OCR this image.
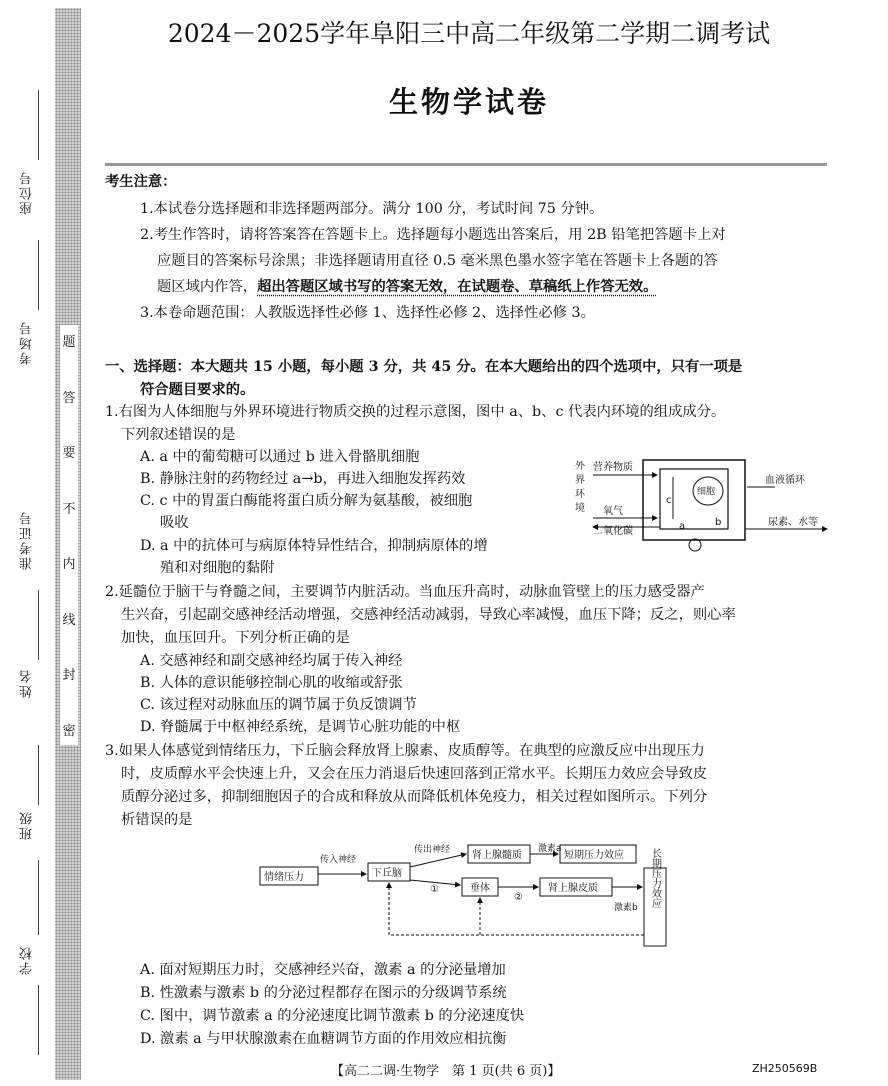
座位号
考场号
准考证号
姓名
班级
学校
题
答
要
不
内
线
封
密
2024－2025学年阜阳三中高二年级第二学期二调考试
生物学试卷
考生注意：
1.本试卷分选择题和非选择题两部分。满分 100 分，考试时间 75 分钟。
2.考生作答时，请将答案答在答题卡上。选择题每小题选出答案后，用 2B 铅笔把答题卡上对
应题目的答案标号涂黑；非选择题请用直径 0.5 毫米黑色墨水签字笔在答题卡上各题的答
题区域内作答，超出答题区域书写的答案无效，在试题卷、草稿纸上作答无效。
3.本卷命题范围：人教版选择性必修 1、选择性必修 2、选择性必修 3。
一、选择题：本大题共 15 小题，每小题 3 分，共 45 分。在本大题给出的四个选项中，只有一项是
符合题目要求的。
1.右图为人体细胞与外界环境进行物质交换的过程示意图，图中 a、b、c 代表内环境的组成成分。
下列叙述错误的是
A. a 中的葡萄糖可以通过 b 进入骨骼肌细胞
B. 静脉注射的药物经过 a→b，再进入细胞发挥药效
C. c 中的胃蛋白酶能将蛋白质分解为氨基酸，被细胞
吸收
D. a 中的抗体可与病原体特异性结合，抑制病原体的增
殖和对细胞的黏附
2.延髓位于脑干与脊髓之间，主要调节内脏活动。当血压升高时，动脉血管壁上的压力感受器产
生兴奋，引起副交感神经活动增强，交感神经活动减弱，导致心率减慢，血压下降；反之，则心率
加快，血压回升。下列分析正确的是
A. 交感神经和副交感神经均属于传入神经
B. 人体的意识能够控制心肌的收缩或舒张
C. 该过程对动脉血压的调节属于负反馈调节
D. 脊髓属于中枢神经系统，是调节心脏功能的中枢
3.如果人体感觉到情绪压力，下丘脑会释放肾上腺素、皮质醇等。在典型的应激反应中出现压力
时，皮质醇水平会快速上升，又会在压力消退后快速回落到正常水平。长期压力效应会导致皮
质醇分泌过多，抑制细胞因子的合成和释放从而降低机体免疫力，相关过程如图所示。下列分
析错误的是
A. 面对短期压力时，交感神经兴奋，激素 a 的分泌量增加
B. 性激素与激素 b 的分泌过程都存在图示的分级调节系统
C. 图中，调节激素 a 的分泌速度比调节激素 b 的分泌速度快
D. 激素 a 与甲状腺激素在血糖调节方面的作用效应相抗衡
外
界
环
境
营养物质
氧气
二氧化碳
细胞
c
a	b
血液循环
尿素、水等
情绪压力
传入神经
下丘脑
传出神经 肾上腺髓质
激素a
短期压力效应
①	垂体
②
肾上腺皮质
激素b 长期压力效应
【高二二调·生物学　第 1 页(共 6 页)】	ZH250569B
